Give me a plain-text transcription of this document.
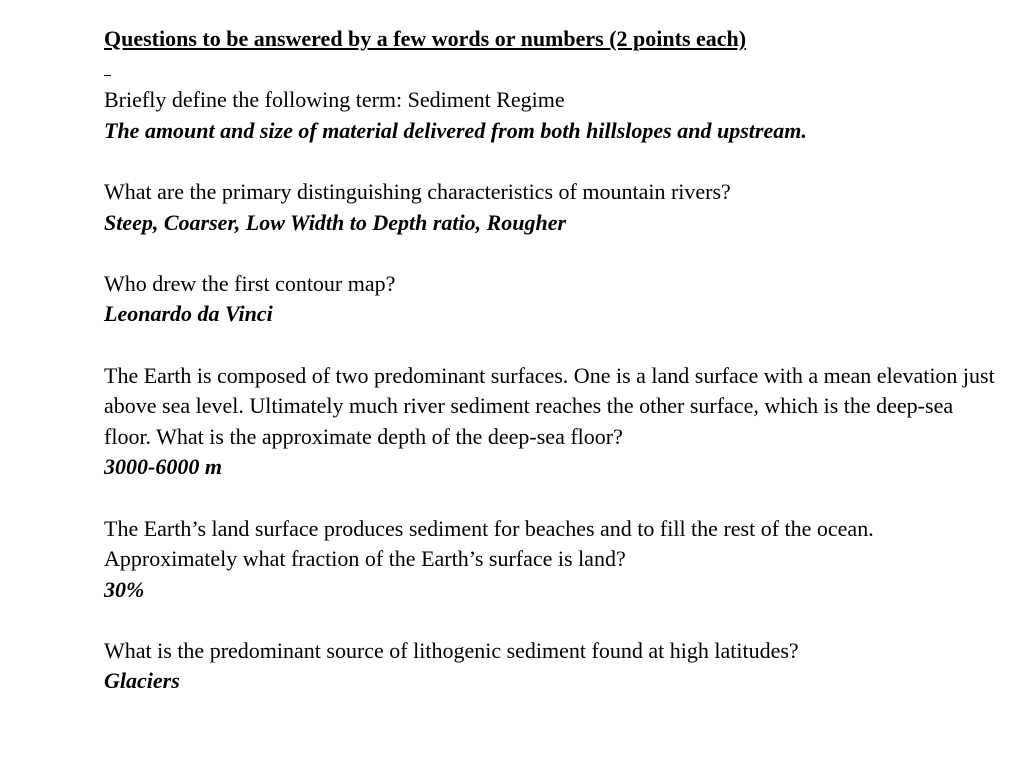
Questions to be answered by a few words or numbers (2 points each)
Briefly define the following term: Sediment Regime
The amount and size of material delivered from both hillslopes and upstream.
What are the primary distinguishing characteristics of mountain rivers?
Steep, Coarser, Low Width to Depth ratio, Rougher
Who drew the first contour map?
Leonardo da Vinci
The Earth is composed of two predominant surfaces. One is a land surface with a mean elevation just above sea level. Ultimately much river sediment reaches the other surface, which is the deep-sea floor. What is the approximate depth of the deep-sea floor?
3000-6000 m
The Earth’s land surface produces sediment for beaches and to fill the rest of the ocean. Approximately what fraction of the Earth’s surface is land?
30%
What is the predominant source of lithogenic sediment found at high latitudes?
Glaciers
